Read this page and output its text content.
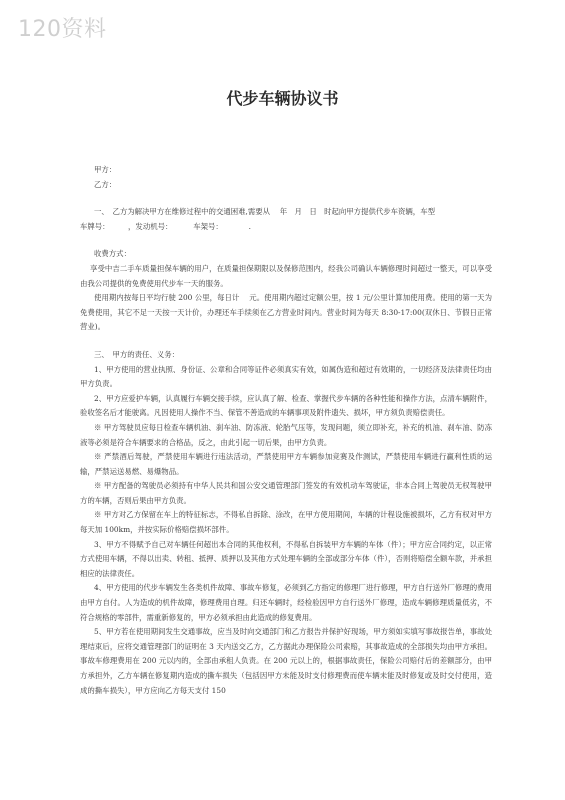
120资料
代步车辆协议书

甲方：

乙方：

一、　乙方为解决甲方在维修过程中的交通困难,需要从　 年　月　日　时起向甲方提供代步车资辆，车型

车牌号：　　　，发动机号：　　　 车架号：　　　　.

收费方式：

享受中吉二手车质量担保车辆的用户，在质量担保期限以及保修范围内，经我公司确认车辆修理时间超过一整天，可以享受由我公司提供的免费使用代步车一天的服务。

使用期内按每日平均行驶 200 公里，每日计　 元。使用期内超过定额公里，按 1 元/公里计算加使用费。使用的第一天为免费使用，其它不足一天按一天计价，办理还车手续须在乙方营业时间内。营业时间为每天 8:30-17:00(双休日、节假日正常营业)。

三、　甲方的责任、义务：

1、甲方使用的营业执照、身份证、公章和合同等证件必须真实有效，如属伪造和超过有效期的，一切经济及法律责任均由甲方负责。

2、甲方应爱护车辆，认真履行车辆交接手续，应认真了解、检查、掌握代步车辆的各种性能和操作方法，点清车辆附件，验收签名后才能驶离。凡因使用人操作不当、保管不善造成的车辆事项及附件遗失、损坏，甲方须负责赔偿责任。

※ 甲方驾驶员应每日检查车辆机油、刹车油、防冻液、轮胎气压等，发现问题，须立即补充，补充的机油、刹车油、防冻液等必须是符合车辆要求的合格品，反之，由此引起一切后果，由甲方负责。

※ 严禁酒后驾驶，严禁使用车辆进行违法活动，严禁使用甲方车辆参加竞赛及作测试，严禁使用车辆进行赢利性质的运输，严禁运送易燃、易爆物品。

※ 甲方配备的驾驶员必须持有中华人民共和国公安交通管理部门签发的有效机动车驾驶证，非本合同上驾驶员无权驾驶甲方的车辆，否则后果由甲方负责。

※ 甲方对乙方保留在车上的特征标志，不得私自拆除、涂改，在甲方使用期间，车辆的计程设施被损坏，乙方有权对甲方每天加 100km，并按实际价格赔偿损坏部件。

3、甲方不得赋予自己对车辆任何超出本合同的其他权利，不得私自拆装甲方车辆的车体（件）；甲方应合同约定，以正常方式使用车辆，不得以出卖、转租、抵押、质押以及其他方式处理车辆的全部或部分车体（件），否则将赔偿全额车款，并承担相应的法律责任。

4、甲方使用的代步车辆发生各类机件故障、事故车修复，必须到乙方指定的修理厂进行修理，甲方自行送外厂修理的费用由甲方自付。人为造成的机件故障，修理费用自理。归还车辆时，经检验因甲方自行送外厂修理，造成车辆修理质量低劣，不符合规格的零部件，需重新修复的，甲方必须承担由此造成的修复费用。

5、甲方若在使用期间发生交通事故，应当及时向交通部门和乙方报告并保护好现场，甲方须如实填写事故报告单，事故处理结束后，应将交通管理部门的证明在 3 天内送交乙方，乙方据此办理保险公司索赔，其事故造成的全部损失均由甲方承担。事故车修理费用在 200 元以内的，全部由承租人负责。在 200 元以上的，根据事故责任，保险公司赔付后的差额部分，由甲方承担外，乙方车辆在修复期内造成的撕车损失（包括因甲方未能及时支付修理费而使车辆未能及时修复或及时交付使用，造成的撕车损失），甲方应向乙方每天支付 150
